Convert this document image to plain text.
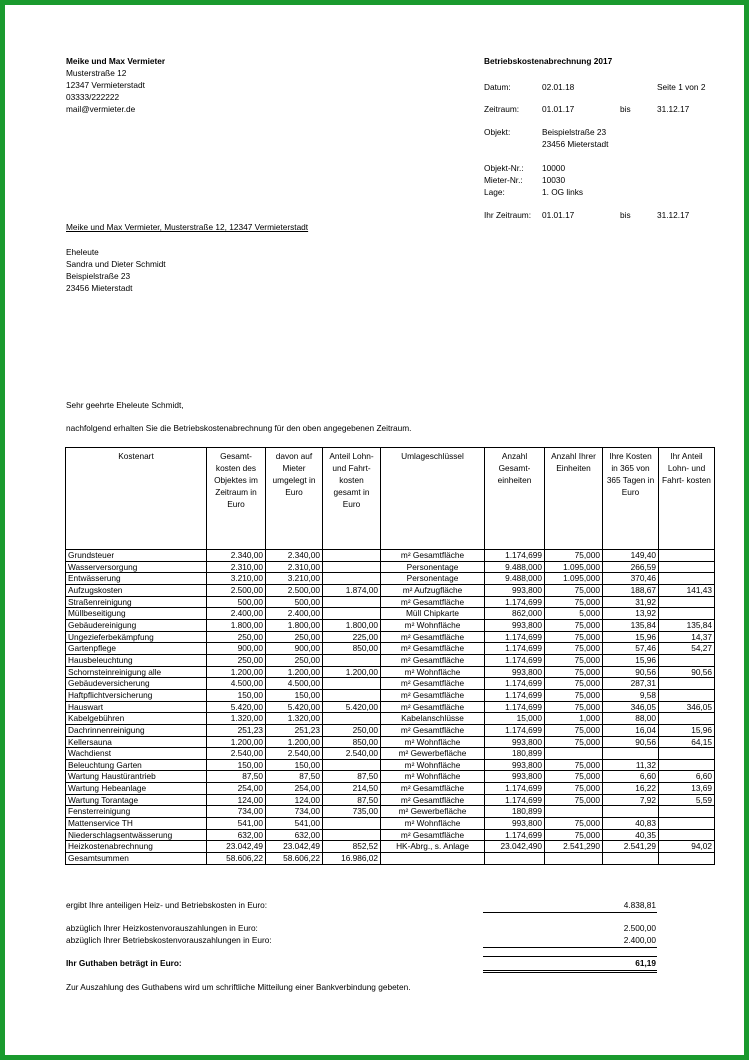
Meike und Max Vermieter
Musterstraße 12
12347 Vermieterstadt
03333/222222
mail@vermieter.de
Betriebskostenabrechnung 2017
Datum:	02.01.18	Seite 1 von 2
Zeitraum:	01.01.17	bis	31.12.17
Objekt:	Beispielstraße 23
23456 Mieterstadt
Objekt-Nr.: 10000
Mieter-Nr.: 10030
Lage:	1. OG links
Ihr Zeitraum: 01.01.17	bis	31.12.17
Meike und Max Vermieter, Musterstraße 12, 12347 Vermieterstadt
Eheleute
Sandra und Dieter Schmidt
Beispielstraße 23
23456 Mieterstadt
Sehr geehrte Eheleute Schmidt,
nachfolgend erhalten Sie die Betriebskostenabrechnung für den oben angegebenen Zeitraum.
Kostenart	Gesamt- kosten des Objektes im Zeitraum in Euro	davon auf Mieter umgelegt in Euro	Anteil Lohn- und Fahrt- kosten gesamt in Euro	Umlageschlüssel	Anzahl Gesamt- einheiten	Anzahl Ihrer Einheiten	Ihre Kosten in 365 von 365 Tagen in Euro	Ihr Anteil Lohn- und Fahrt- kosten
Grundsteuer	2.340,00	2.340,00		m² Gesamtfläche	1.174,699	75,000	149,40	
Wasserversorgung	2.310,00	2.310,00		Personentage	9.488,000	1.095,000	266,59	
Entwässerung	3.210,00	3.210,00		Personentage	9.488,000	1.095,000	370,46	
Aufzugskosten	2.500,00	2.500,00	1.874,00	m² Aufzugfläche	993,800	75,000	188,67	141,43
Straßenreinigung	500,00	500,00		m² Gesamtfläche	1.174,699	75,000	31,92	
Müllbeseitigung	2.400,00	2.400,00		Müll Chipkarte	862,000	5,000	13,92	
Gebäudereinigung	1.800,00	1.800,00	1.800,00	m² Wohnfläche	993,800	75,000	135,84	135,84
Ungezieferbekämpfung	250,00	250,00	225,00	m² Gesamtfläche	1.174,699	75,000	15,96	14,37
Gartenpflege	900,00	900,00	850,00	m² Gesamtfläche	1.174,699	75,000	57,46	54,27
Hausbeleuchtung	250,00	250,00		m² Gesamtfläche	1.174,699	75,000	15,96	
Schornsteinreinigung alle	1.200,00	1.200,00	1.200,00	m² Wohnfläche	993,800	75,000	90,56	90,56
Gebäudeversicherung	4.500,00	4.500,00		m² Gesamtfläche	1.174,699	75,000	287,31	
Haftpflichtversicherung	150,00	150,00		m² Gesamtfläche	1.174,699	75,000	9,58	
Hauswart	5.420,00	5.420,00	5.420,00	m² Gesamtfläche	1.174,699	75,000	346,05	346,05
Kabelgebühren	1.320,00	1.320,00		Kabelanschlüsse	15,000	1,000	88,00	
Dachrinnenreinigung	251,23	251,23	250,00	m² Gesamtfläche	1.174,699	75,000	16,04	15,96
Kellersauna	1.200,00	1.200,00	850,00	m² Wohnfläche	993,800	75,000	90,56	64,15
Wachdienst	2.540,00	2.540,00	2.540,00	m² Gewerbefläche	180,899			
Beleuchtung Garten	150,00	150,00		m² Wohnfläche	993,800	75,000	11,32	
Wartung Haustürantrieb	87,50	87,50	87,50	m² Wohnfläche	993,800	75,000	6,60	6,60
Wartung Hebeanlage	254,00	254,00	214,50	m² Gesamtfläche	1.174,699	75,000	16,22	13,69
Wartung Torantage	124,00	124,00	87,50	m² Gesamtfläche	1.174,699	75,000	7,92	5,59
Fensterreinigung	734,00	734,00	735,00	m² Gewerbefläche	180,899			
Mattenservice TH	541,00	541,00		m² Wohnfläche	993,800	75,000	40,83	
Niederschlagsentwässerung	632,00	632,00		m² Gesamtfläche	1.174,699	75,000	40,35	
Heizkostenabrechnung	23.042,49	23.042,49	852,52	HK-Abrg., s. Anlage	23.042,490	2.541,290	2.541,29	94,02
Gesamtsummen	58.606,22	58.606,22	16.986,02					
ergibt Ihre anteiligen Heiz- und Betriebskosten in Euro:	4.838,81
abzüglich Ihrer Heizkostenvorauszahlungen in Euro:	2.500,00
abzüglich Ihrer Betriebskostenvorauszahlungen in Euro:	2.400,00
Ihr Guthaben beträgt in Euro:	61,19
Zur Auszahlung des Guthabens wird um schriftliche Mitteilung einer Bankverbindung gebeten.
